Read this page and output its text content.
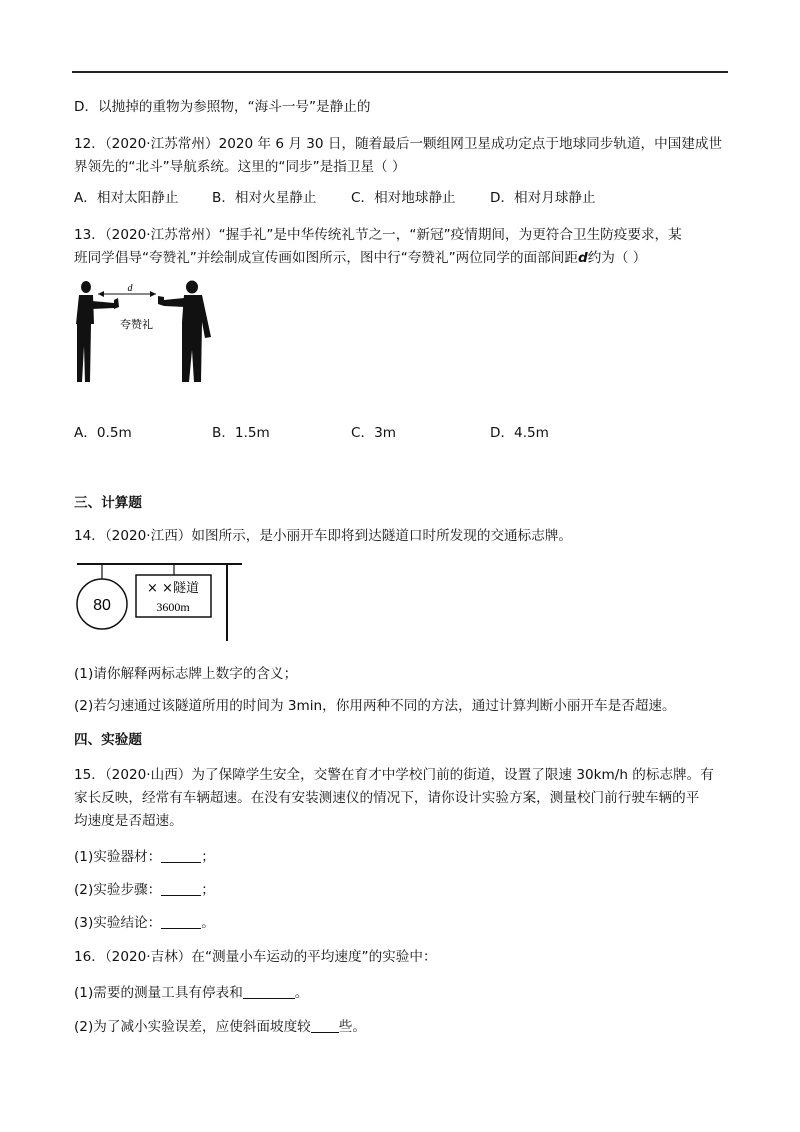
D．以抛掉的重物为参照物，“海斗一号”是静止的
12．（2020·江苏常州）2020 年 6 月 30 日，随着最后一颗组网卫星成功定点于地球同步轨道，中国建成世
界领先的“北斗”导航系统。这里的“同步”是指卫星（ ）
A．相对太阳静止 B．相对火星静止	C．相对地球静止	D．相对月球静止
13．（2020·江苏常州）“握手礼”是中华传统礼节之一，“新冠”疫情期间，为更符合卫生防疫要求，某
班同学倡导“夸赞礼”并绘制成宣传画如图所示，图中行“夸赞礼”两位同学的面部间距d约为（ ）
d
夸赞礼
A．0.5m	B．1.5m	C．3m	D．4.5m
三、计算题
14．（2020·江西）如图所示，是小丽开车即将到达隧道口时所发现的交通标志牌。
80
× ×隧道
3600m
(1)请你解释两标志牌上数字的含义；
(2)若匀速通过该隧道所用的时间为 3min，你用两种不同的方法，通过计算判断小丽开车是否超速。
四、实验题
15．（2020·山西）为了保障学生安全，交警在育才中学校门前的街道，设置了限速 30km/h 的标志牌。有
家长反映，经常有车辆超速。在没有安装测速仪的情况下，请你设计实验方案，测量校门前行驶车辆的平
均速度是否超速。
(1)实验器材：	；
(2)实验步骤：	；
(3)实验结论：	。
16．（2020·吉林）在“测量小车运动的平均速度”的实验中：
(1)需要的测量工具有停表和	。
(2)为了减小实验误差，应使斜面坡度较 些。
